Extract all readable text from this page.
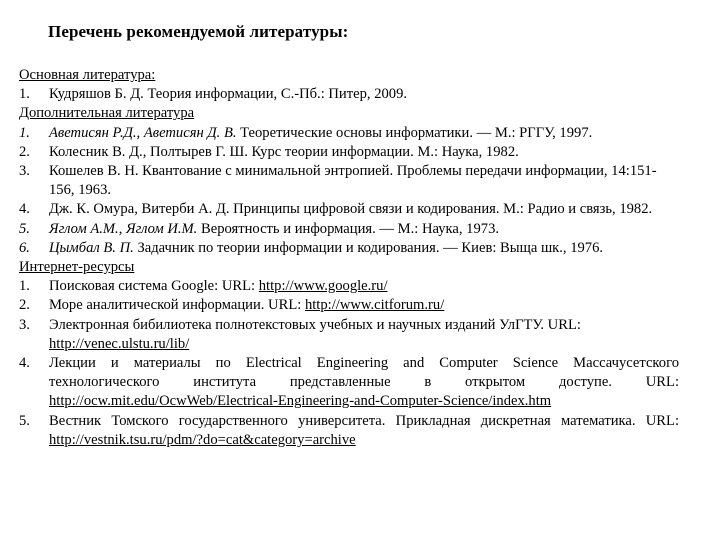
Перечень рекомендуемой литературы:
Основная литература:
1. Кудряшов Б. Д. Теория информации, С.-Пб.: Питер, 2009.
Дополнительная литература
1. Аветисян Р.Д., Аветисян Д. В. Теоретические основы информатики. — М.: РГГУ, 1997.
2. Колесник В. Д., Полтырев Г. Ш. Курс теории информации. М.: Наука, 1982.
3. Кошелев В. Н. Квантование с минимальной энтропией. Проблемы передачи информации, 14:151-156, 1963.
4. Дж. К. Омура, Витерби А. Д. Принципы цифровой связи и кодирования. М.: Радио и связь, 1982.
5. Яглом А.М., Яглом И.М. Вероятность и информация. — М.: Наука, 1973.
6. Цымбал В. П. Задачник по теории информации и кодирования. — Киев: Выща шк., 1976.
Интернет-ресурсы
1. Поисковая система Google: URL: http://www.google.ru/
2. Море аналитической информации. URL: http://www.citforum.ru/
3. Электронная бибилиотека полнотекстовых учебных и научных изданий УлГТУ. URL: http://venec.ulstu.ru/lib/
4. Лекции и материалы по Electrical Engineering and Computer Science Массачусетского технологического института представленные в открытом доступе. URL: http://ocw.mit.edu/OcwWeb/Electrical-Engineering-and-Computer-Science/index.htm
5. Вестник Томского государственного университета. Прикладная дискретная математика. URL: http://vestnik.tsu.ru/pdm/?do=cat&category=archive
